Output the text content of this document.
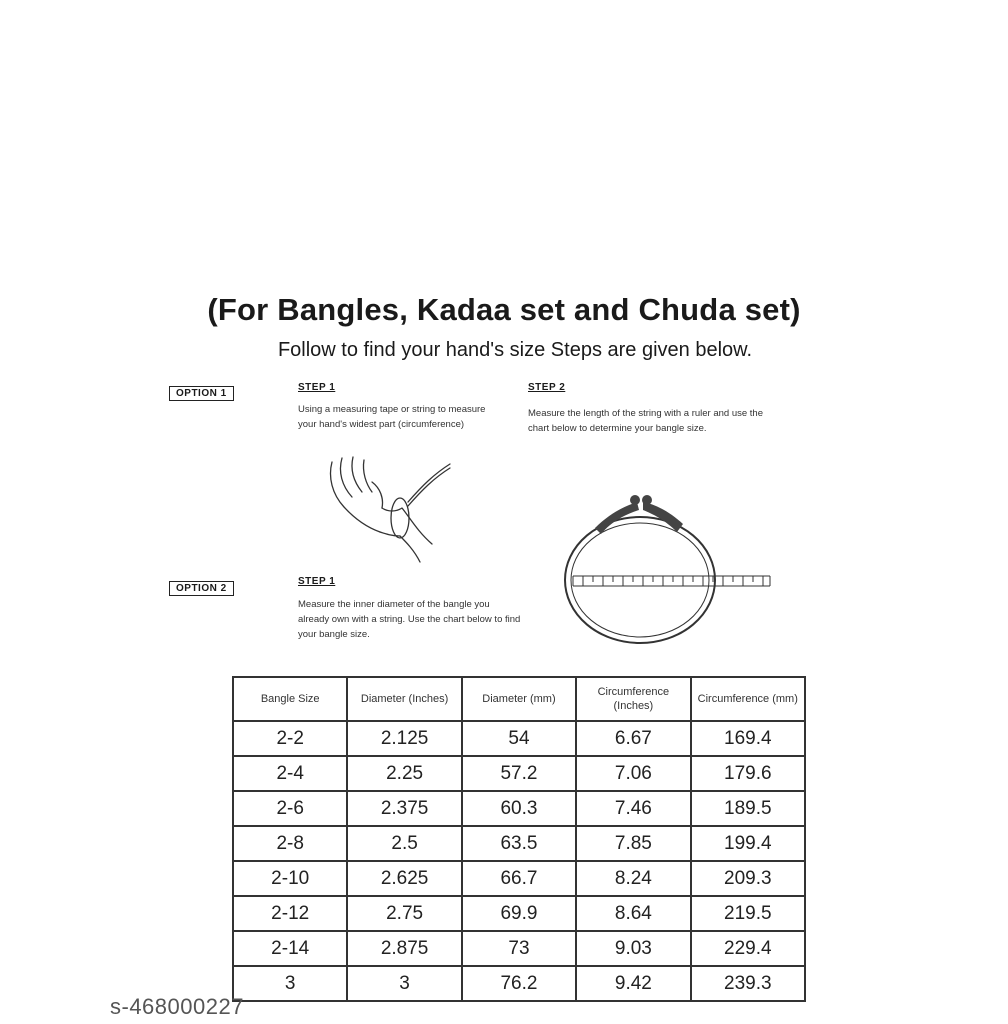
(For Bangles, Kadaa set and Chuda set)

Follow to find your hand's size Steps are given below.

OPTION 1
STEP 1
Using a measuring tape or string to measure your hand's widest part (circumference)
STEP 2
Measure the length of the string with a ruler and use the chart below to determine your bangle size.
OPTION 2
STEP 1
Measure the inner diameter of the bangle you already own with a string. Use the chart below to find your bangle size.
Bangle Size	Diameter (Inches)	Diameter (mm)	Circumference (Inches)	Circumference (mm)
2-2	2.125	54	6.67	169.4
2-4	2.25	57.2	7.06	179.6
2-6	2.375	60.3	7.46	189.5
2-8	2.5	63.5	7.85	199.4
2-10	2.625	66.7	8.24	209.3
2-12	2.75	69.9	8.64	219.5
2-14	2.875	73	9.03	229.4
3	3	76.2	9.42	239.3
s-468000227
